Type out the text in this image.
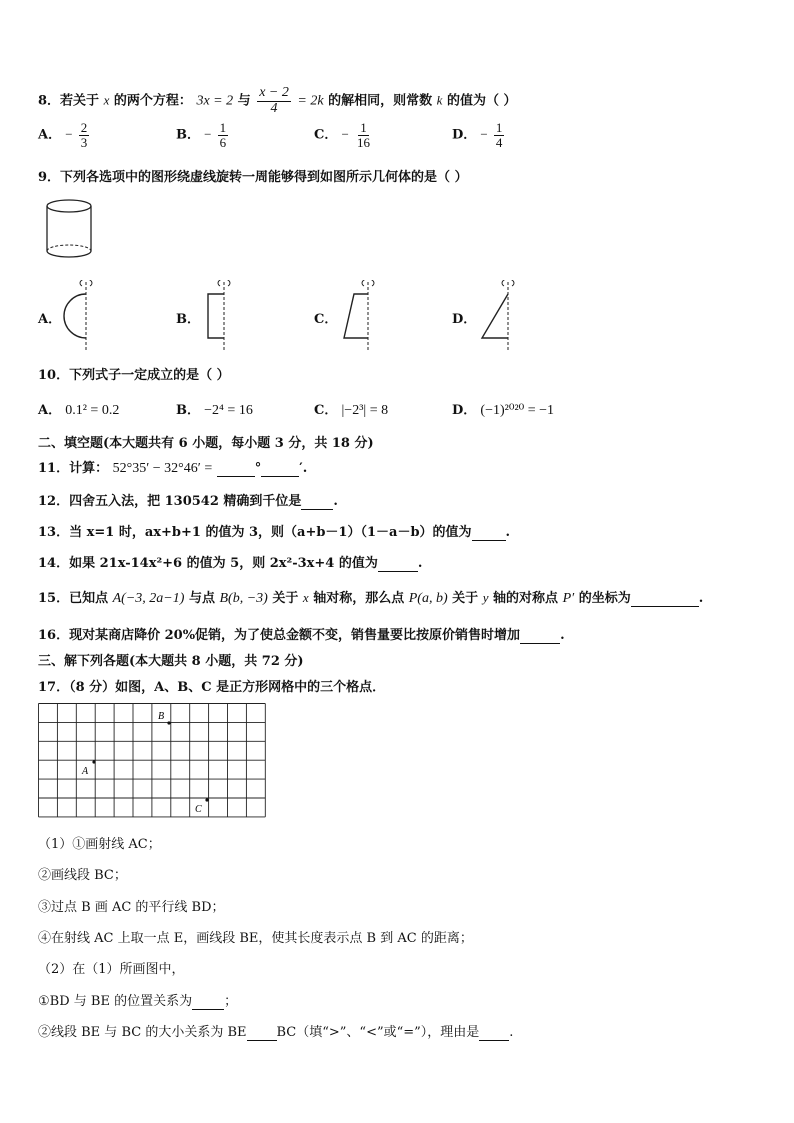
8．若关于 x 的两个方程： 3x = 2 与 $\frac{x - 2}{4} = 2k$ 的解相同，则常数 k 的值为（ ）
A． − $\frac{2}{3}$	B． − $\frac{1}{6}$	C． − $\frac{1}{16}$	D． − $\frac{1}{4}$
9．下列各选项中的图形绕虚线旋转一周能够得到如图所示几何体的是（ ）
A．	B．	C．	D．
10．下列式子一定成立的是（ ）
A． 0.1² = 0.2	B． −2⁴ = 16	C． |−2³| = 8	D． (−1)²⁰²⁰ = −1
二、填空题(本大题共有 6 小题，每小题 3 分，共 18 分)
11．计算： 52°35′ − 32°46′ =	°	′.
12．四舍五入法，把 130542 精确到千位是 .
13．当 x=1 时，ax+b+1 的值为 3，则（a+b－1）（1－a－b）的值为	.
14．如果 21x-14x²+6 的值为 5，则 2x²-3x+4 的值为	.
15．已知点 A(−3, 2a−1) 与点 B(b, −3) 关于 x 轴对称，那么点 P(a, b) 关于 y 轴的对称点 P′ 的坐标为	.
16．现对某商店降价 20%促销，为了使总金额不变，销售量要比按原价销售时增加	.
三、解下列各题(本大题共 8 小题，共 72 分)
17．（8 分）如图，A、B、C 是正方形网格中的三个格点．
B
A
C
（1）①画射线 AC；
②画线段 BC；
③过点 B 画 AC 的平行线 BD；
④在射线 AC 上取一点 E，画线段 BE，使其长度表示点 B 到 AC 的距离；
（2）在（1）所画图中，
①BD 与 BE 的位置关系为 ；
②线段 BE 与 BC 的大小关系为 BE BC（填“>”、“<”或“=”），理由是 .
